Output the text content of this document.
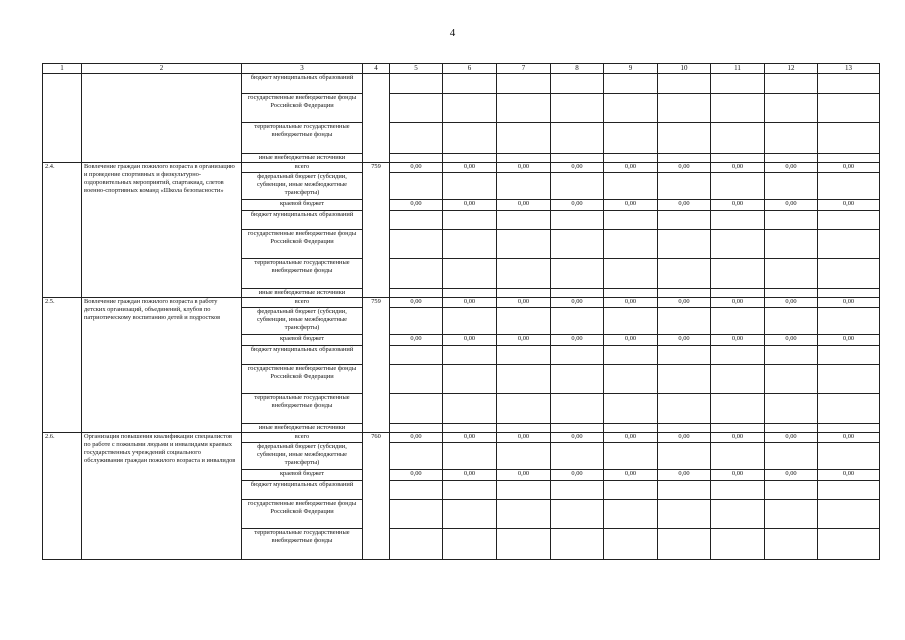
4
1	2	3	4	5	6	7	8	9	10	11	12	13
		бюджет муниципальных образований										
		государственные внебюджетные фонды Российской Федерации										
		территориальные государственные внебюджетные фонды										
		иные внебюджетные источники										
2.4.	Вовлечение граждан пожилого возраста в организацию и проведение спортивных и физкультурно-оздоровительных мероприятий, спартакиад, слетов военно-спортивных команд «Школа безопасности»	всего	759	0,00	0,00	0,00	0,00	0,00	0,00	0,00	0,00	0,00
		федеральный бюджет (субсидии, субвенции, иные межбюджетные трансферты)										
		краевой бюджет		0,00	0,00	0,00	0,00	0,00	0,00	0,00	0,00	0,00
		бюджет муниципальных образований										
		государственные внебюджетные фонды Российской Федерации										
		территориальные государственные внебюджетные фонды										
		иные внебюджетные источники										
2.5.	Вовлечение граждан пожилого возраста в работу детских организаций, объединений, клубов по патриотическому воспитанию детей и подростков	всего	759	0,00	0,00	0,00	0,00	0,00	0,00	0,00	0,00	0,00
		федеральный бюджет (субсидии, субвенции, иные межбюджетные трансферты)										
		краевой бюджет		0,00	0,00	0,00	0,00	0,00	0,00	0,00	0,00	0,00
		бюджет муниципальных образований										
		государственные внебюджетные фонды Российской Федерации										
		территориальные государственные внебюджетные фонды										
		иные внебюджетные источники										
2.6.	Организация повышения квалификации специалистов по работе с пожилыми людьми и инвалидами краевых государственных учреждений социального обслуживания граждан пожилого возраста и инвалидов	всего	760	0,00	0,00	0,00	0,00	0,00	0,00	0,00	0,00	0,00
		федеральный бюджет (субсидии, субвенции, иные межбюджетные трансферты)										
		краевой бюджет		0,00	0,00	0,00	0,00	0,00	0,00	0,00	0,00	0,00
		бюджет муниципальных образований										
		государственные внебюджетные фонды Российской Федерации										
		территориальные государственные внебюджетные фонды										
